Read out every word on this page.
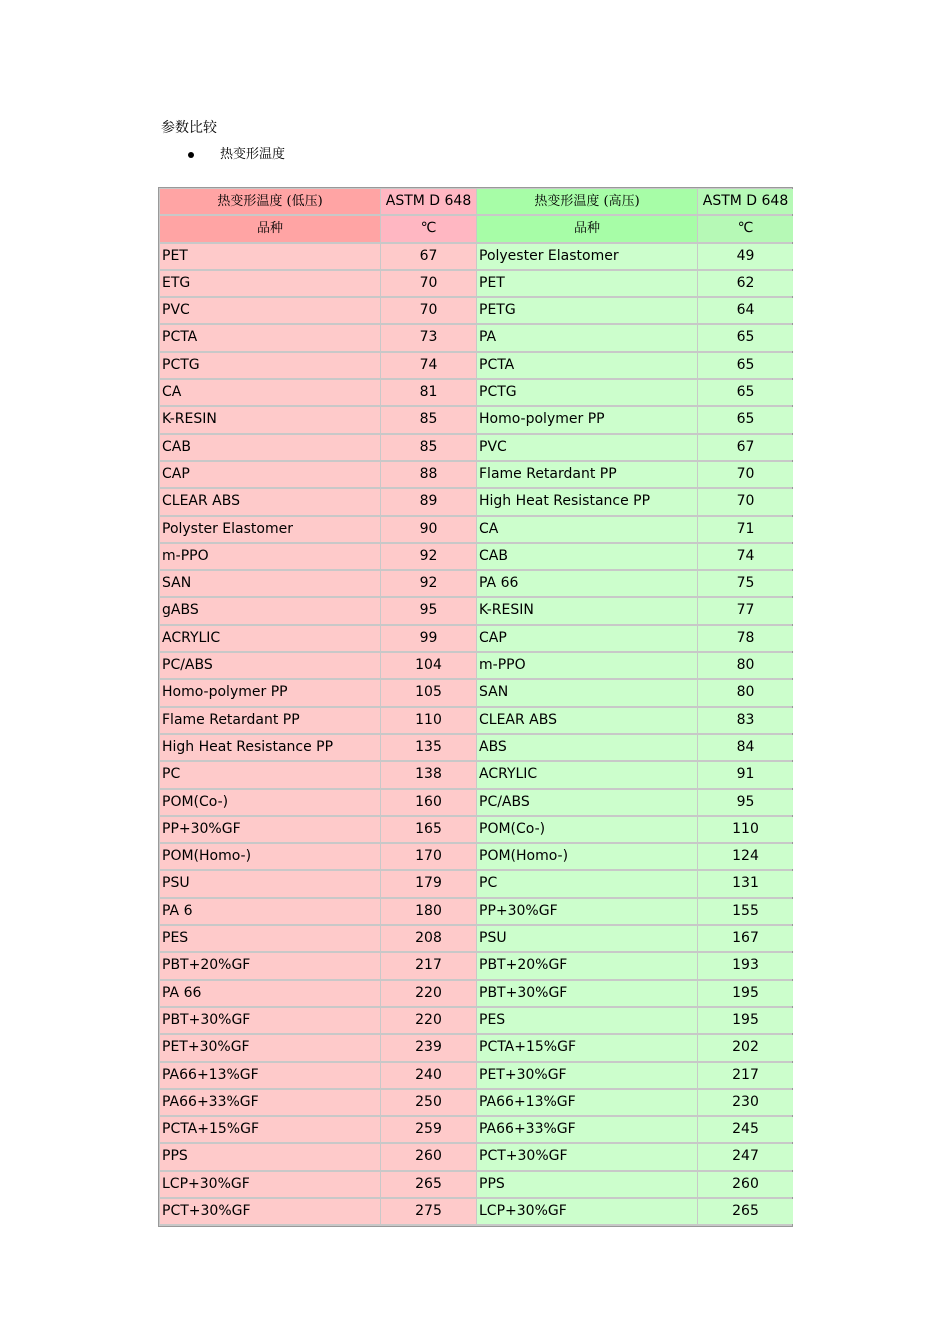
参数比较
热变形温度
热变形温度 (低压)	ASTM D 648	热变形温度 (高压)	ASTM D 648
品种	℃	品种	℃
PET	67	Polyester Elastomer	49
ETG	70	PET	62
PVC	70	PETG	64
PCTA	73	PA	65
PCTG	74	PCTA	65
CA	81	PCTG	65
K-RESIN	85	Homo-polymer PP	65
CAB	85	PVC	67
CAP	88	Flame Retardant PP	70
CLEAR ABS	89	High Heat Resistance PP	70
Polyster Elastomer	90	CA	71
m-PPO	92	CAB	74
SAN	92	PA 66	75
gABS	95	K-RESIN	77
ACRYLIC	99	CAP	78
PC/ABS	104	m-PPO	80
Homo-polymer PP	105	SAN	80
Flame Retardant PP	110	CLEAR ABS	83
High Heat Resistance PP	135	ABS	84
PC	138	ACRYLIC	91
POM(Co-)	160	PC/ABS	95
PP+30%GF	165	POM(Co-)	110
POM(Homo-)	170	POM(Homo-)	124
PSU	179	PC	131
PA 6	180	PP+30%GF	155
PES	208	PSU	167
PBT+20%GF	217	PBT+20%GF	193
PA 66	220	PBT+30%GF	195
PBT+30%GF	220	PES	195
PET+30%GF	239	PCTA+15%GF	202
PA66+13%GF	240	PET+30%GF	217
PA66+33%GF	250	PA66+13%GF	230
PCTA+15%GF	259	PA66+33%GF	245
PPS	260	PCT+30%GF	247
LCP+30%GF	265	PPS	260
PCT+30%GF	275	LCP+30%GF	265
